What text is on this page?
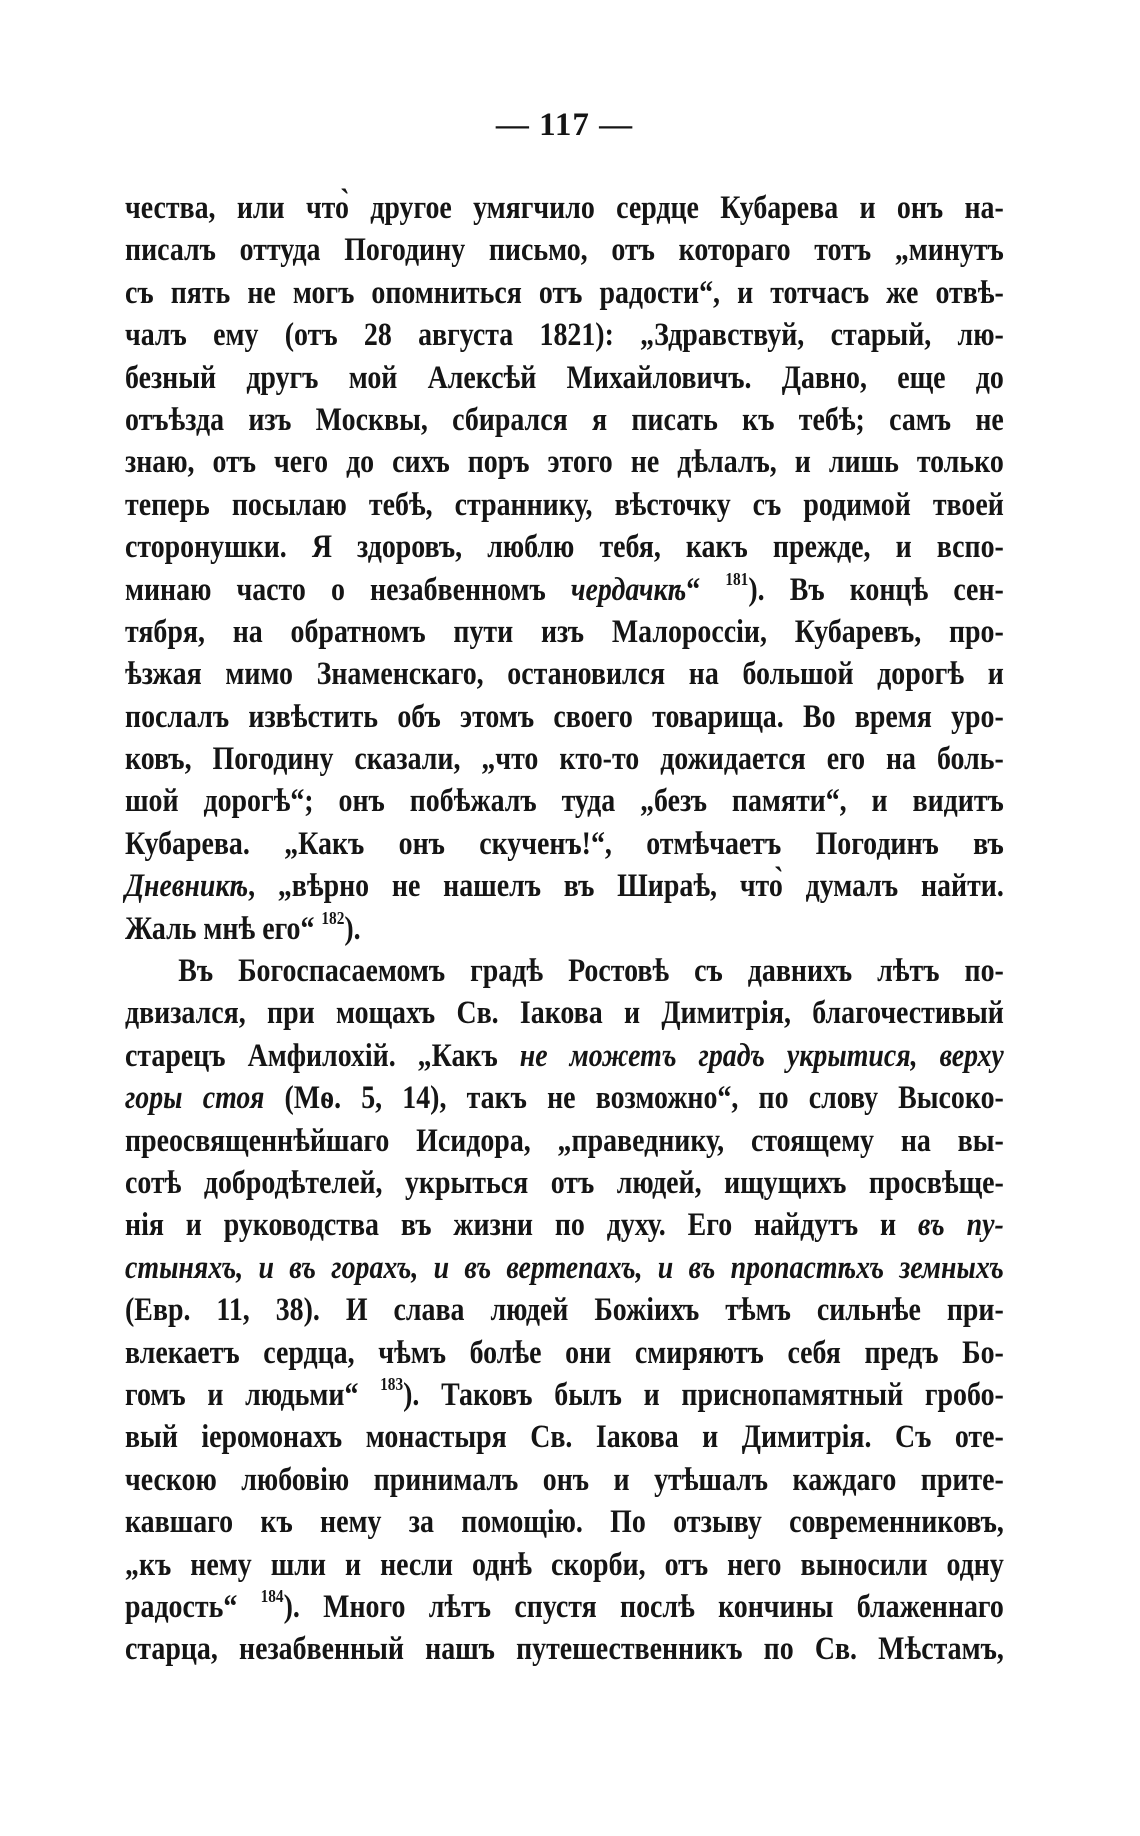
— 117 —
чества, или что̀ другое умягчило сердце Кубарева и онъ на-
писалъ оттуда Погодину письмо, отъ котораго тотъ „минутъ
съ пять не могъ опомниться отъ радости“, и тотчасъ же отвѣ-
чалъ ему (отъ 28 августа 1821): „Здравствуй, старый, лю-
безный другъ мой Алексѣй Михайловичъ. Давно, еще до
отъѣзда изъ Москвы, сбирался я писать къ тебѣ; самъ не
знаю, отъ чего до сихъ поръ этого не дѣлалъ, и лишь только
теперь посылаю тебѣ, страннику, вѣсточку съ родимой твоей
сторонушки. Я здоровъ, люблю тебя, какъ прежде, и вспо-
минаю часто о незабвенномъ чердачкѣ“ $^{181}$). Въ концѣ сен-
тября, на обратномъ пути изъ Малороссіи, Кубаревъ, про-
ѣзжая мимо Знаменскаго, остановился на большой дорогѣ и
послалъ извѣстить объ этомъ своего товарища. Во время уро-
ковъ, Погодину сказали, „что кто-то дожидается его на боль-
шой дорогѣ“; онъ побѣжалъ туда „безъ памяти“, и видитъ
Кубарева. „Какъ онъ скученъ!“, отмѣчаетъ Погодинъ въ
Дневникѣ, „вѣрно не нашелъ въ Шираѣ, что̀ думалъ найти.
Жаль мнѣ его“ $^{182}$).
Въ Богоспасаемомъ градѣ Ростовѣ съ давнихъ лѣтъ по-
двизался, при мощахъ Св. Іакова и Димитрія, благочестивый
старецъ Амфилохій. „Какъ не можетъ градъ укрытися, верху
горы стоя (Мѳ. 5, 14), такъ не возможно“, по слову Высоко-
преосвященнѣйшаго Исидора, „праведнику, стоящему на вы-
сотѣ добродѣтелей, укрыться отъ людей, ищущихъ просвѣще-
нія и руководства въ жизни по духу. Его найдутъ и въ пу-
стыняхъ, и въ горахъ, и въ вертепахъ, и въ пропастѣхъ земныхъ
(Евр. 11, 38). И слава людей Божіихъ тѣмъ сильнѣе при-
влекаетъ сердца, чѣмъ болѣе они смиряютъ себя предъ Бо-
гомъ и людьми“ $^{183}$). Таковъ былъ и приснопамятный гробо-
вый іеромонахъ монастыря Св. Іакова и Димитрія. Съ оте-
ческою любовію принималъ онъ и утѣшалъ каждаго прите-
кавшаго къ нему за помощію. По отзыву современниковъ,
„къ нему шли и несли однѣ скорби, отъ него выносили одну
радость“ $^{184}$). Много лѣтъ спустя послѣ кончины блаженнаго
старца, незабвенный нашъ путешественникъ по Св. Мѣстамъ,
